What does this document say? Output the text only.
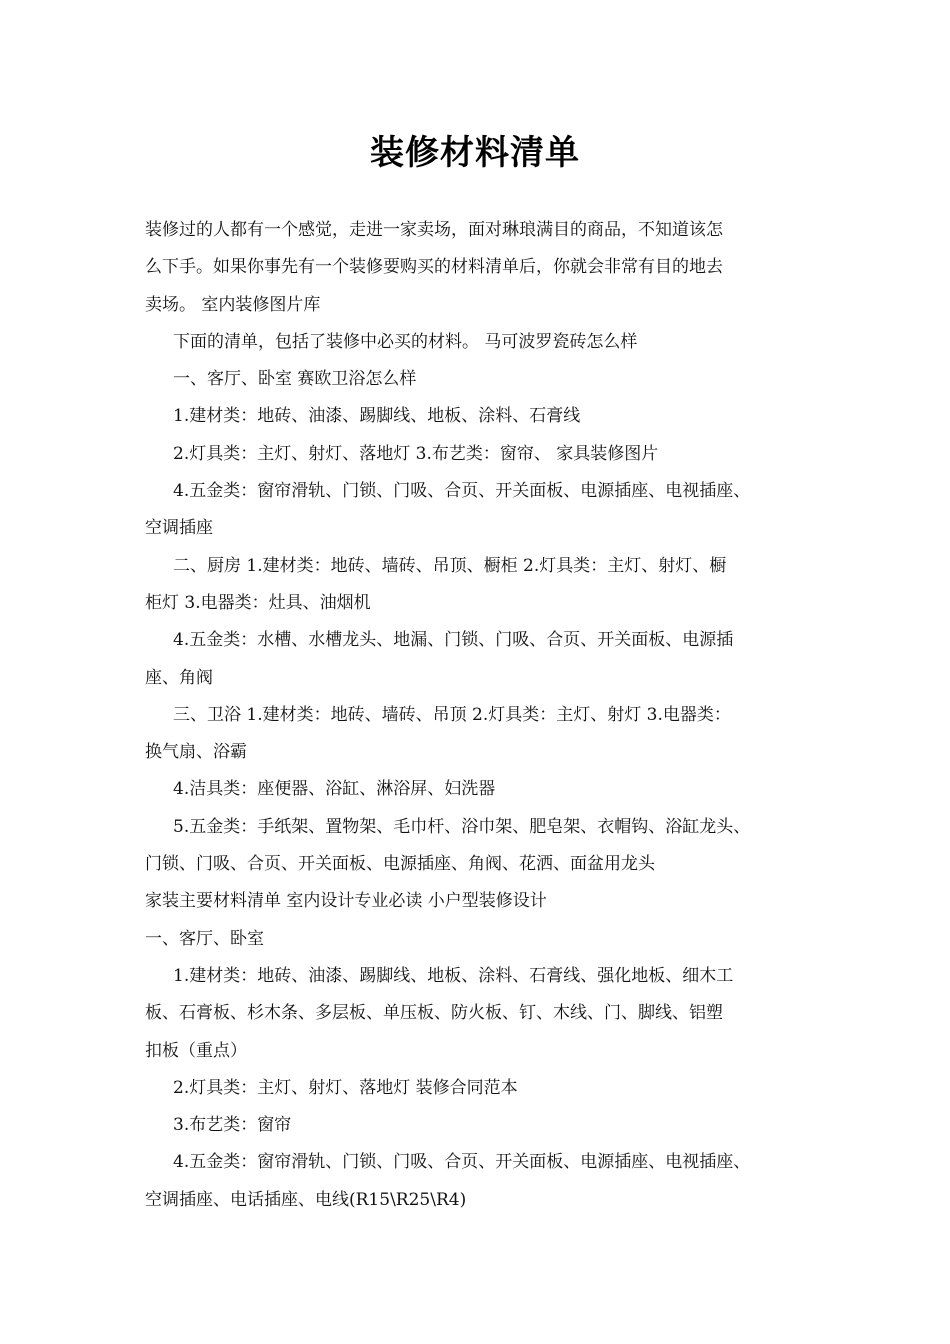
装修材料清单
装修过的人都有一个感觉，走进一家卖场，面对琳琅满目的商品，不知道该怎
么下手。如果你事先有一个装修要购买的材料清单后，你就会非常有目的地去
卖场。 室内装修图片库
下面的清单，包括了装修中必买的材料。 马可波罗瓷砖怎么样
一、客厅、卧室 赛欧卫浴怎么样
1.建材类：地砖、油漆、踢脚线、地板、涂料、石膏线
2.灯具类：主灯、射灯、落地灯 3.布艺类：窗帘、 家具装修图片
4.五金类：窗帘滑轨、门锁、门吸、合页、开关面板、电源插座、电视插座、
空调插座
二、厨房 1.建材类：地砖、墙砖、吊顶、橱柜 2.灯具类：主灯、射灯、橱
柜灯 3.电器类：灶具、油烟机
4.五金类：水槽、水槽龙头、地漏、门锁、门吸、合页、开关面板、电源插
座、角阀
三、卫浴 1.建材类：地砖、墙砖、吊顶 2.灯具类：主灯、射灯 3.电器类：
换气扇、浴霸
4.洁具类：座便器、浴缸、淋浴屏、妇洗器
5.五金类：手纸架、置物架、毛巾杆、浴巾架、肥皂架、衣帽钩、浴缸龙头、
门锁、门吸、合页、开关面板、电源插座、角阀、花洒、面盆用龙头
家装主要材料清单 室内设计专业必读 小户型装修设计
一、客厅、卧室
1.建材类：地砖、油漆、踢脚线、地板、涂料、石膏线、强化地板、细木工
板、石膏板、杉木条、多层板、单压板、防火板、钉、木线、门、脚线、铝塑
扣板（重点）
2.灯具类：主灯、射灯、落地灯 装修合同范本
3.布艺类：窗帘
4.五金类：窗帘滑轨、门锁、门吸、合页、开关面板、电源插座、电视插座、
空调插座、电话插座、电线(R15\R25\R4)
